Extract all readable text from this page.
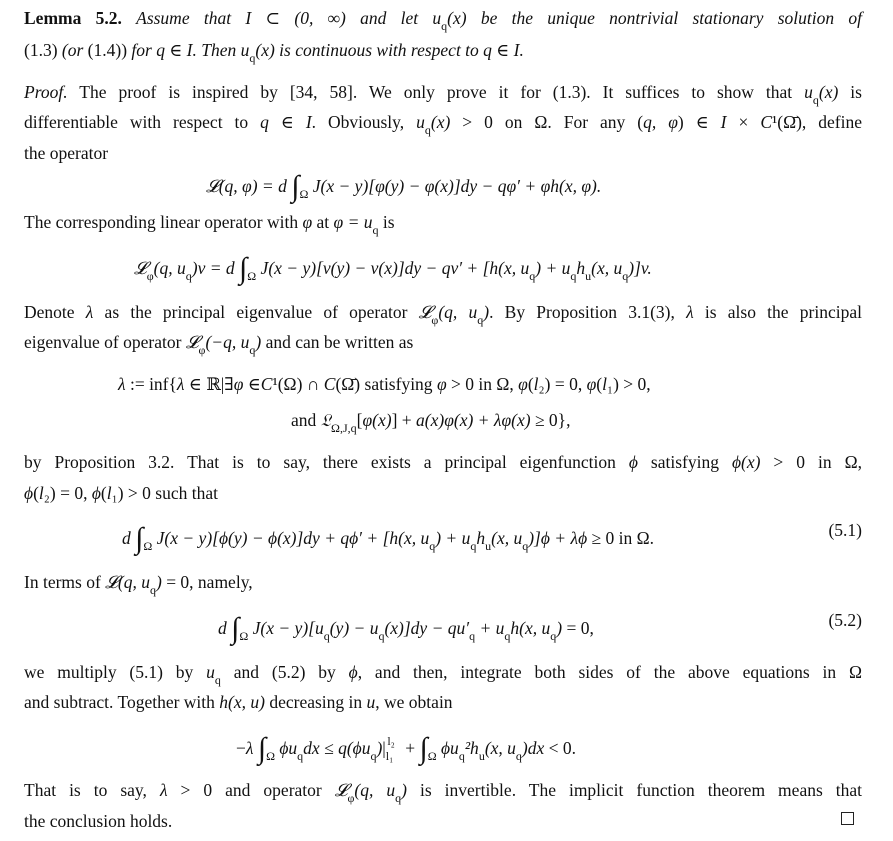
Lemma 5.2. Assume that I ⊂ (0, ∞) and let $u_q(x)$ be the unique nontrivial stationary solution of
(1.3) (or (1.4)) for q ∈ I. Then $u_q(x)$ is continuous with respect to q ∈ I.
Proof. The proof is inspired by [34, 58]. We only prove it for (1.3). It suffices to show that $u_q(x)$ is
differentiable with respect to q ∈ I. Obviously, $u_q(x) > 0$ on Ω. For any (q, φ) ∈ I × C¹(Ω̄), define
the operator
𝓛(q, φ) = d $\int_\Omega$ J(x − y)[φ(y) − φ(x)]dy − qφ′ + φh(x, φ).
The corresponding linear operator with φ at $\varphi = u_q$ is
𝓛$_\varphi$(q, $u_q)v = d$ $\int_\Omega$ J(x − y)[v(y) − v(x)]dy − qv′ + [h(x, $u_q) + u_qh_u(x$, $u_q)]v$.
Denote λ as the principal eigenvalue of operator 𝓛$_\varphi$(q, $u_q$). By Proposition 3.1(3), λ is also the principal
eigenvalue of operator 𝓛$_\varphi$(−q, $u_q$) and can be written as
λ := inf{λ ∈ ℝ|∃φ ∈C¹(Ω) ∩ C(Ω̄) satisfying φ > 0 in Ω, φ(l₂) = 0, φ(l₁) > 0,
and 𝔏$_{\Omega,J,q}$[φ(x)] + a(x)φ(x) + λφ(x) ≥ 0},
by Proposition 3.2. That is to say, there exists a principal eigenfunction ϕ satisfying ϕ(x) > 0 in Ω,
ϕ(l₂) = 0, ϕ(l₁) > 0 such that
d $\int_\Omega$ J(x − y)[ϕ(y) − ϕ(x)]dy + qϕ′ + [h(x, $u_q) + u_qh_u(x$, $u_q)]\phi + \lambda\phi \ge 0$ in Ω.	(5.1)
In terms of 𝓛(q, $u_q) = 0$, namely,
d $\int_\Omega$ $J(x - y)[u_q(y) - u_q(x)]dy - qu'_q + u_qh(x$, $u_q) = 0$,	(5.2)
we multiply (5.1) by $u_q$ and (5.2) by ϕ, and then, integrate both sides of the above equations in Ω
and subtract. Together with h(x, u) decreasing in u, we obtain
−λ $\int_\Omega$ $\phi u_qdx \le q(\phi u_q)|_{l_1}^{l_2} + \int_\Omega$ $\phi u_q^2h_u(x$, $u_q)dx < 0$.
That is to say, λ > 0 and operator 𝓛$_\varphi$(q, $u_q$) is invertible. The implicit function theorem means that
the conclusion holds.
